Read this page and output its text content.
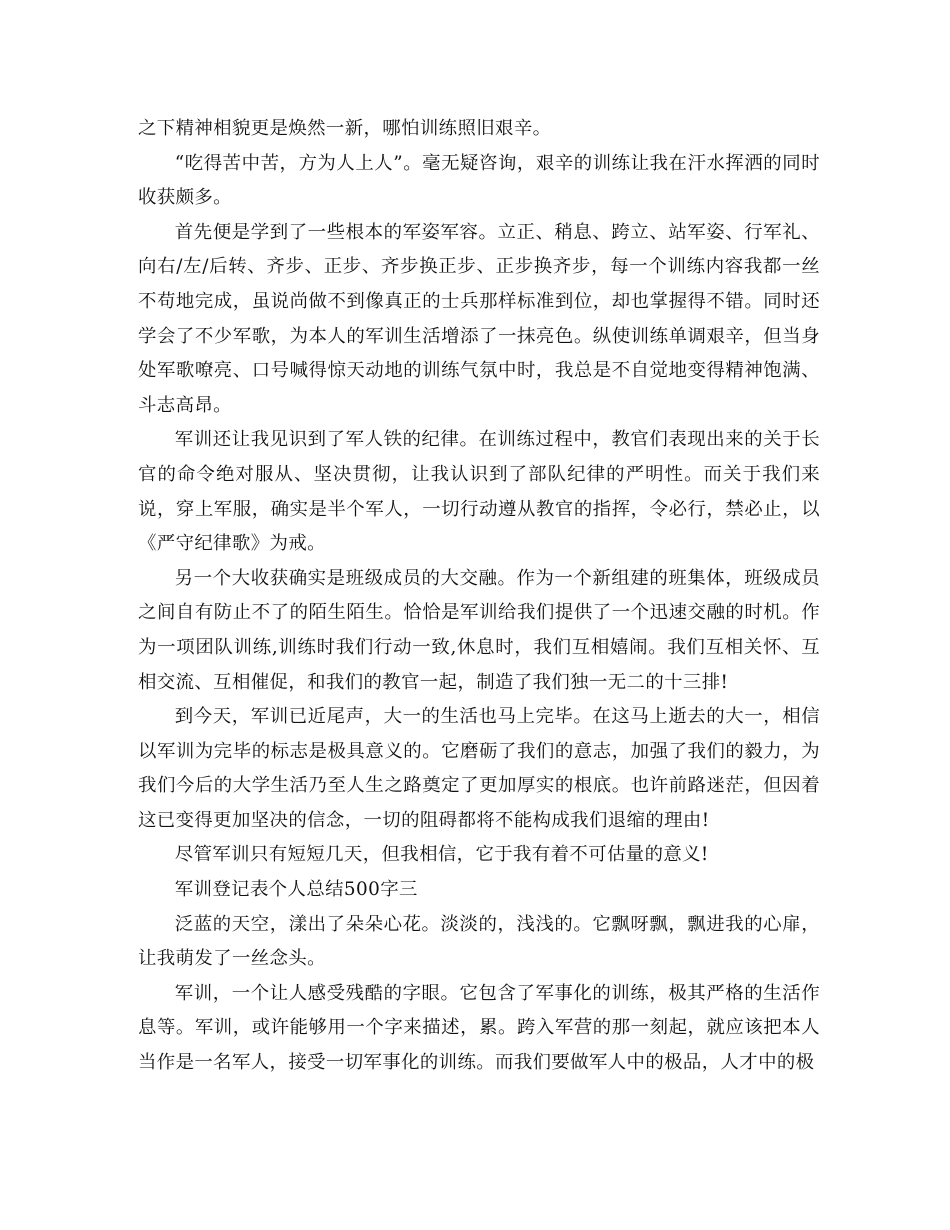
之下精神相貌更是焕然一新，哪怕训练照旧艰辛。

“吃得苦中苦，方为人上人”。毫无疑咨询，艰辛的训练让我在汗水挥洒的同时收获颇多。

首先便是学到了一些根本的军姿军容。立正、稍息、跨立、站军姿、行军礼、向右/左/后转、齐步、正步、齐步换正步、正步换齐步，每一个训练内容我都一丝不苟地完成，虽说尚做不到像真正的士兵那样标准到位，却也掌握得不错。同时还学会了不少军歌，为本人的军训生活增添了一抹亮色。纵使训练单调艰辛，但当身处军歌嘹亮、口号喊得惊天动地的训练气氛中时，我总是不自觉地变得精神饱满、斗志高昂。

军训还让我见识到了军人铁的纪律。在训练过程中，教官们表现出来的关于长官的命令绝对服从、坚决贯彻，让我认识到了部队纪律的严明性。而关于我们来说，穿上军服，确实是半个军人，一切行动遵从教官的指挥，令必行，禁必止，以《严守纪律歌》为戒。

另一个大收获确实是班级成员的大交融。作为一个新组建的班集体，班级成员之间自有防止不了的陌生陌生。恰恰是军训给我们提供了一个迅速交融的时机。作为一项团队训练,训练时我们行动一致,休息时，我们互相嬉闹。我们互相关怀、互相交流、互相催促，和我们的教官一起，制造了我们独一无二的十三排!

到今天，军训已近尾声，大一的生活也马上完毕。在这马上逝去的大一，相信以军训为完毕的标志是极具意义的。它磨砺了我们的意志，加强了我们的毅力，为我们今后的大学生活乃至人生之路奠定了更加厚实的根底。也许前路迷茫，但因着这已变得更加坚决的信念，一切的阻碍都将不能构成我们退缩的理由!

尽管军训只有短短几天，但我相信，它于我有着不可估量的意义!

军训登记表个人总结500字三

泛蓝的天空，漾出了朵朵心花。淡淡的，浅浅的。它飘呀飘，飘进我的心扉，让我萌发了一丝念头。

军训，一个让人感受残酷的字眼。它包含了军事化的训练，极其严格的生活作息等。军训，或许能够用一个字来描述，累。跨入军营的那一刻起，就应该把本人当作是一名军人，接受一切军事化的训练。而我们要做军人中的极品，人才中的极
